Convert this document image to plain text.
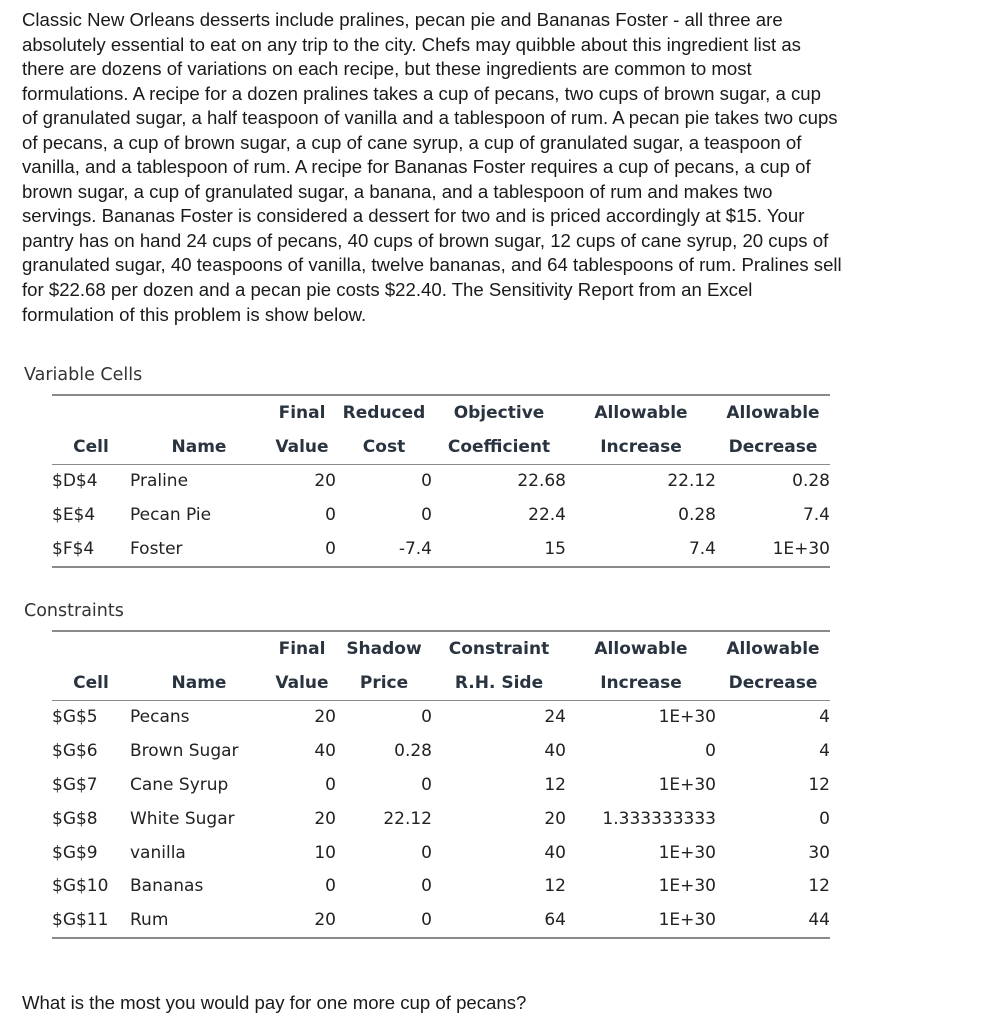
Classic New Orleans desserts include pralines, pecan pie and Bananas Foster - all three are
absolutely essential to eat on any trip to the city. Chefs may quibble about this ingredient list as
there are dozens of variations on each recipe, but these ingredients are common to most
formulations. A recipe for a dozen pralines takes a cup of pecans, two cups of brown sugar, a cup
of granulated sugar, a half teaspoon of vanilla and a tablespoon of rum. A pecan pie takes two cups
of pecans, a cup of brown sugar, a cup of cane syrup, a cup of granulated sugar, a teaspoon of
vanilla, and a tablespoon of rum. A recipe for Bananas Foster requires a cup of pecans, a cup of
brown sugar, a cup of granulated sugar, a banana, and a tablespoon of rum and makes two
servings. Bananas Foster is considered a dessert for two and is priced accordingly at $15. Your
pantry has on hand 24 cups of pecans, 40 cups of brown sugar, 12 cups of cane syrup, 20 cups of
granulated sugar, 40 teaspoons of vanilla, twelve bananas, and 64 tablespoons of rum. Pralines sell
for $22.68 per dozen and a pecan pie costs $22.40. The Sensitivity Report from an Excel
formulation of this problem is show below.
Variable Cells
		Final	Reduced	Objective	Allowable	Allowable
Cell	Name	Value	Cost	Coefficient	Increase	Decrease
$D$4	Praline	20	0	22.68	22.12	0.28
$E$4	Pecan Pie	0	0	22.4	0.28	7.4
$F$4	Foster	0	-7.4	15	7.4	1E+30
Constraints
		Final	Shadow	Constraint	Allowable	Allowable
Cell	Name	Value	Price	R.H. Side	Increase	Decrease
$G$5	Pecans	20	0	24	1E+30	4
$G$6	Brown Sugar	40	0.28	40	0	4
$G$7	Cane Syrup	0	0	12	1E+30	12
$G$8	White Sugar	20	22.12	20	1.333333333	0
$G$9	vanilla	10	0	40	1E+30	30
$G$10	Bananas	0	0	12	1E+30	12
$G$11	Rum	20	0	64	1E+30	44

What is the most you would pay for one more cup of pecans?
